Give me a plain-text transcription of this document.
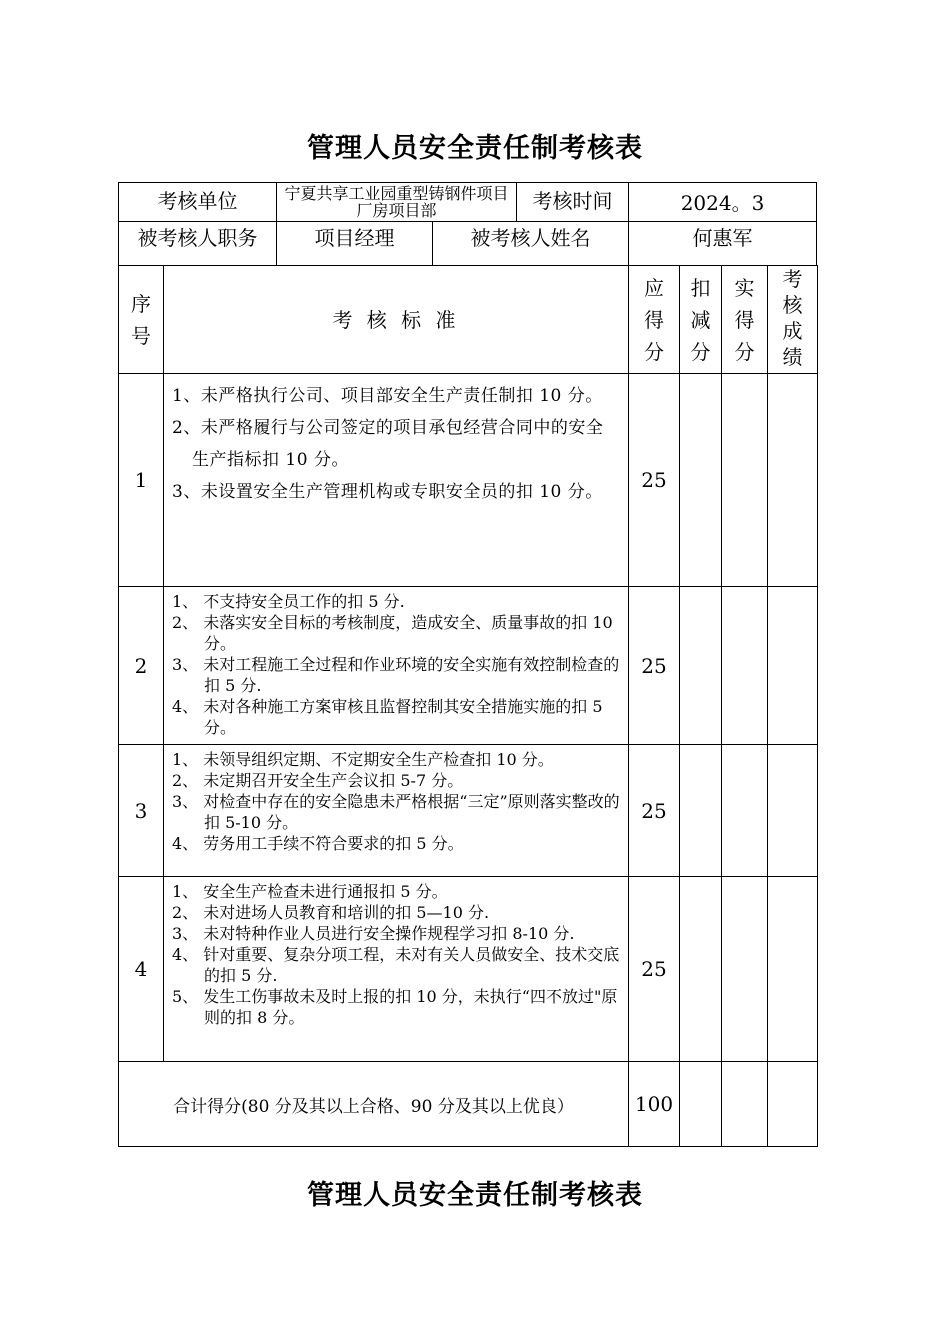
管理人员安全责任制考核表
考核单位	宁夏共享工业园重型铸钢件项目厂房项目部	考核时间	2024。3
被考核人职务	项目经理	被考核人姓名	何惠军
序号	考 核 标 准	应得分	扣减分	实得分	考核成绩

1	1、未严格执行公司、项目部安全生产责任制扣 10 分。

2、未严格履行与公司签定的项目承包经营合同中的安全生产指标扣 10 分。

3、未设置安全生产管理机构或专职安全员的扣 10 分。	25			
2	1、 不支持安全员工作的扣 5 分.

2、 未落实安全目标的考核制度，造成安全、质量事故的扣 10 分。

3、 未对工程施工全过程和作业环境的安全实施有效控制检查的扣 5 分.

4、 未对各种施工方案审核且监督控制其安全措施实施的扣 5 分。	25			
3	1、 未领导组织定期、不定期安全生产检查扣 10 分。

2、 未定期召开安全生产会议扣 5-7 分。

3、 对检查中存在的安全隐患未严格根据“三定”原则落实整改的扣 5-10 分。

4、 劳务用工手续不符合要求的扣 5 分。	25			
4	1、 安全生产检查未进行通报扣 5 分。

2、 未对进场人员教育和培训的扣 5—10 分.

3、 未对特种作业人员进行安全操作规程学习扣 8-10 分.

4、 针对重要、复杂分项工程，未对有关人员做安全、技术交底的扣 5 分.

5、 发生工伤事故未及时上报的扣 10 分，未执行“四不放过"原则的扣 8 分。	25			
合计得分(80 分及其以上合格、90 分及其以上优良）		100			
管理人员安全责任制考核表
